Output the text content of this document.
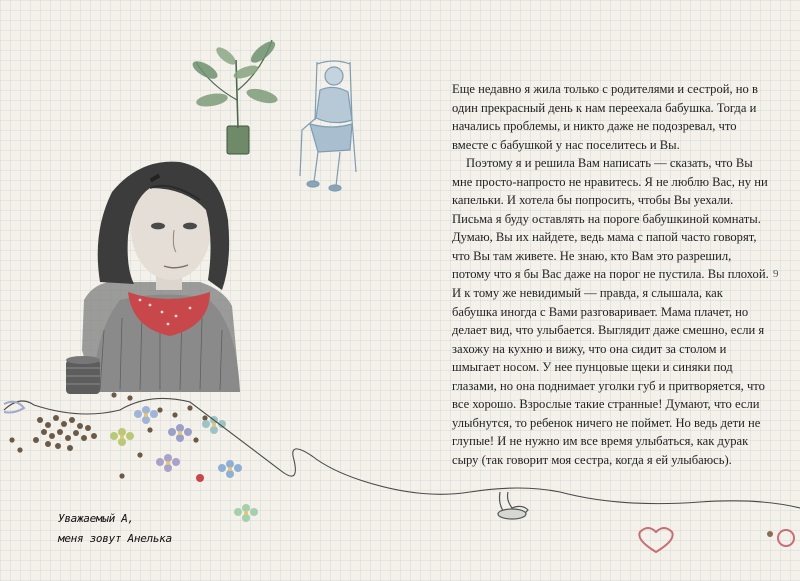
Еще недавно я жила только с родителями и сестрой, но в один прекрасный день к нам переехала бабушка. Тогда и начались проблемы, и никто даже не подозревал, что вместе с бабушкой у нас поселитесь и Вы.
Поэтому я и решила Вам написать — сказать, что Вы мне просто-напросто не нравитесь. Я не люблю Вас, ну ни капельки. И хотела бы попросить, чтобы Вы уехали. Письма я буду оставлять на пороге бабушкиной комнаты. Думаю, Вы их найдете, ведь мама с папой часто говорят, что Вы там живете. Не знаю, кто Вам это разрешил, потому что я бы Вас даже на порог не пустила. Вы плохой. И к тому же невидимый — правда, я слышала, как бабушка иногда с Вами разговаривает. Мама плачет, но делает вид, что улыбается. Выглядит даже смешно, если я захожу на кухню и вижу, что она сидит за столом и шмыгает носом. У нее пунцовые щеки и синяки под глазами, но она поднимает уголки губ и притворяется, что все хорошо. Взрослые такие странные! Думают, что если улыбнутся, то ребенок ничего не поймет. Но ведь дети не глупые! И не нужно им все время улыбаться, как дурак сыру (так говорит моя сестра, когда я ей улыбаюсь).
9
Уважаемый А,
меня зовут Анелька
